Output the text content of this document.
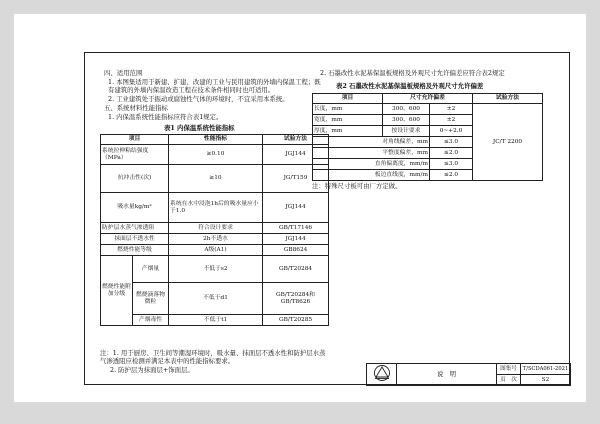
四、适用范围
1. 本图集适用于新建、扩建、改建的工业与民用建筑的外墙内保温工程；既有建筑的外墙内保温改造工程在技术条件相同时也可适用。
2. 工业建筑处于振动或腐蚀性气体的环境时，不宜采用本系统。
五、系统材料性能指标
1. 内保温系统性能指标应符合表1规定。
表1 内保温系统性能指标
项目		性能指标	试验方法
系统拉伸粘结强度（MPa）		≥0.10	JGJ144
抗冲击性(次)		≥10	JG/T159
吸水量kg/m²		系统在水中浸泡1h后的吸水量应小于1.0	JGJ144
防护层水蒸气渗透阻		符合设计要求	GB/T17146
抹面层不透水性		2h不透水	JGJ144
燃烧性能等级		A级(A1)	GB8624
燃烧性能附加分级	产烟量	不低于s2	GB/T20284
	燃烧滴落物微粒	不低于d1	GB/T20284和GB/T8626
	产烟毒性	不低于t1	GB/T20285
注：1. 用于厨房、卫生间等潮湿环境时，吸水量、抹面层不透水性和防护层水蒸气渗透阻应检测并满足本表中的性能指标要求。
2. 防护层为抹面层+饰面层。
2. 石墨改性水泥基保温板规格及外观尺寸允许偏差应符合表2规定
表2 石墨改性水泥基保温板规格及外观尺寸允许偏差
项目	尺寸允许偏差		试验方法
长度，mm	300、600	±2	JC/T 2200
宽度，mm	300、600	±2	
厚度，mm	按设计要求	0~+2.0	
对角线偏差，mm		≤3.0	
平整度偏差，mm		≤2.0	
直角偏离度，mm/m		≤3.0	
板边直线度，mm/m		≤2.0	
注：特殊尺寸板可由厂方定做。
	说　明	图集号	T/SCDA061-2021
		页　次	S2
